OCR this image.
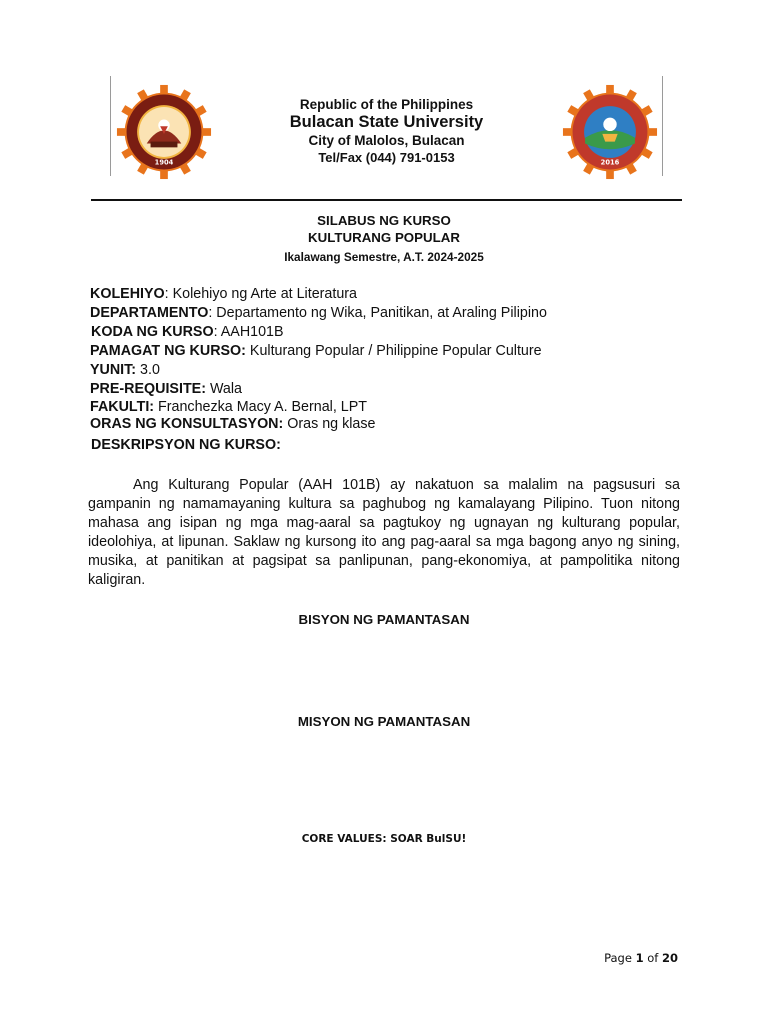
1904
Republic of the Philippines
Bulacan State University
City of Malolos, Bulacan
Tel/Fax (044) 791-0153	2016
SILABUS NG KURSO
KULTURANG POPULAR
Ikalawang Semestre, A.T. 2024-2025
KOLEHIYO: Kolehiyo ng Arte at Literatura
DEPARTAMENTO: Departamento ng Wika, Panitikan, at Araling Pilipino
KODA NG KURSO: AAH101B
PAMAGAT NG KURSO: Kulturang Popular / Philippine Popular Culture
YUNIT: 3.0
PRE-REQUISITE: Wala
FAKULTI: Franchezka Macy A. Bernal, LPT
ORAS NG KONSULTASYON: Oras ng klase
DESKRIPSYON NG KURSO:
Ang Kulturang Popular (AAH 101B) ay nakatuon sa malalim na pagsusuri sa gampanin ng namamayaning kultura sa paghubog ng kamalayang Pilipino. Tuon nitong mahasa ang isipan ng mga mag-aaral sa pagtukoy ng ugnayan ng kulturang popular, ideolohiya, at lipunan. Saklaw ng kursong ito ang pag-aaral sa mga bagong anyo ng sining, musika, at panitikan at pagsipat sa panlipunan, pang-ekonomiya, at pampolitika nitong kaligiran.
BISYON NG PAMANTASAN
MISYON NG PAMANTASAN
CORE VALUES: SOAR BulSU!
Page 1 of 20
